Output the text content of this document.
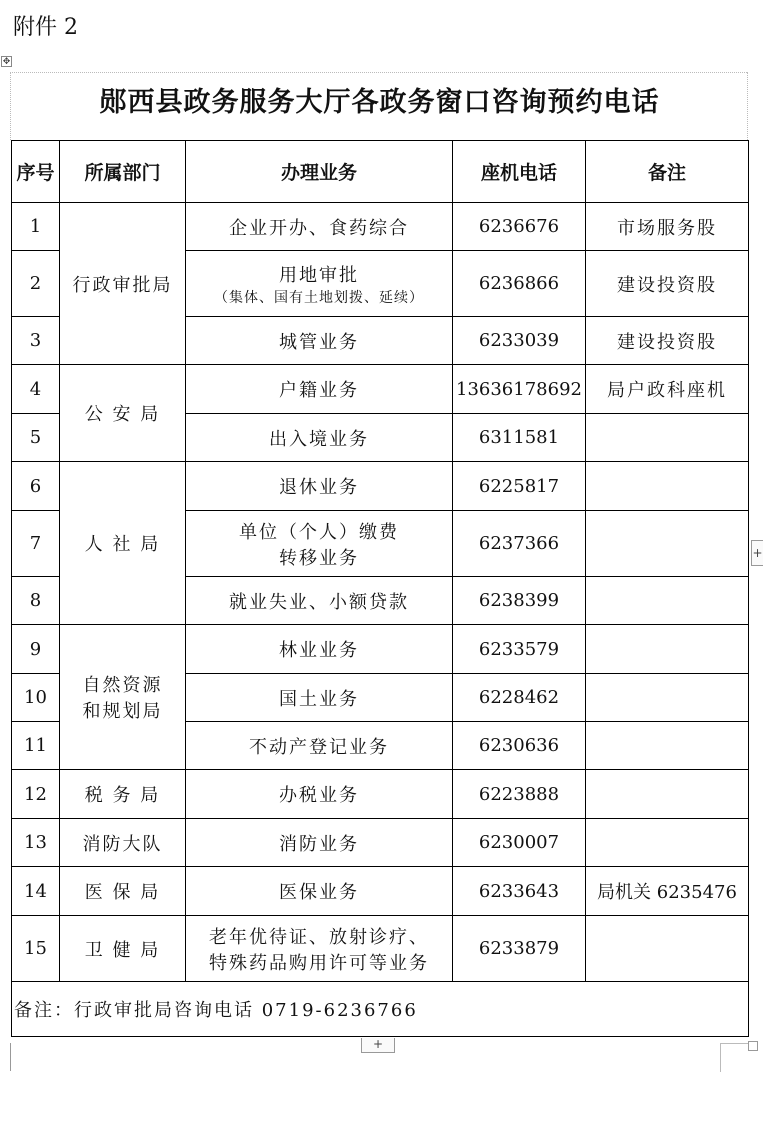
附件 2
✥
郧西县政务服务大厅各政务窗口咨询预约电话
序号	所属部门	办理业务	座机电话	备注
1	行政审批局	企业开办、食药综合	6236676	市场服务股
2		用地审批
（集体、国有土地划拨、延续）	6236866	建设投资股
3		城管业务	6233039	建设投资股
4	公 安 局	户籍业务	13636178692	局户政科座机
5		出入境业务	6311581	
6	人 社 局	退休业务	6225817	
7		单位（个人）缴费
转移业务	6237366	
8		就业失业、小额贷款	6238399	
9	自然资源
和规划局	林业业务	6233579	
10		国土业务	6228462	
11		不动产登记业务	6230636	
12	税 务 局	办税业务	6223888	
13	消防大队	消防业务	6230007	
14	医 保 局	医保业务	6233643	局机关 6235476
15	卫 健 局	老年优待证、放射诊疗、
特殊药品购用许可等业务	6233879	
备注：行政审批局咨询电话 0719-6236766				
+
+
